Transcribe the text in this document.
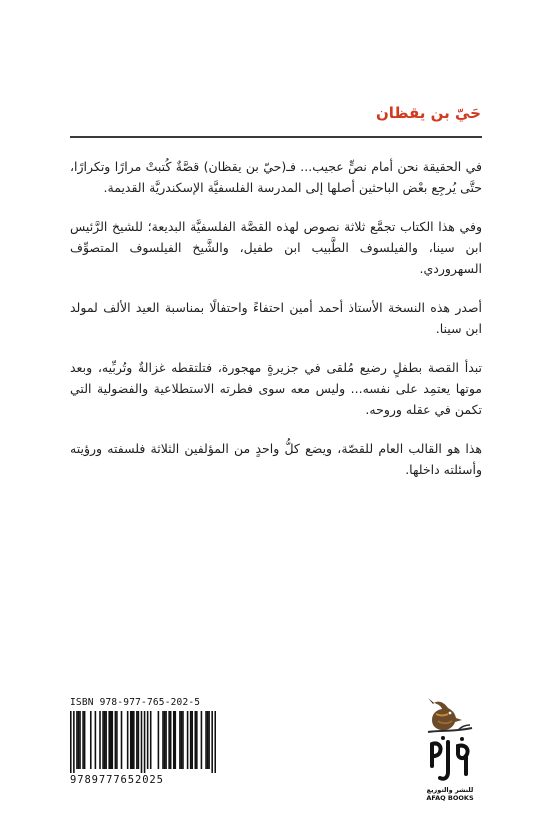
حَيّ بن يقظان

في الحقيقة نحن أمام نصٍّ عجيب... فـ(حيّ بن يقظان) قصَّةٌ كُتبتْ مرارًا وتكرارًا، حتَّى يُرجِع بعْض الباحثين أصلها إلى المدرسة الفلسفيَّة الإسكندريَّة القديمة.

وفي هذا الكتاب تجمَّع ثلاثة نصوص لهذه القصَّة الفلسفيَّة البديعة؛ للشيخ الرَّئيس ابن سينا، والفيلسوف الطَّبيب ابن طفيل، والشَّيخ الفيلسوف المتصوِّف السهروردي.

أصدر هذه النسخة الأستاذ أحمد أمين احتفاءً واحتفالًا بمناسبة العيد الألف لمولد ابن سينا.

تبدأ القصة بطفلٍ رضيع مُلقى في جزيرةٍ مهجورة، فتلتقطه غزالةٌ وتُربِّيه، وبعد موتها يعتمِد على نفسه... وليس معه سوى فطرته الاستطلاعية والفضولية التي تكمن في عقله وروحه.

هذا هو القالب العام للقصّة، ويضع كلُّ واحدٍ من المؤلفين الثلاثة فلسفته ورؤيته وأسئلته داخلها.

ISBN 978-977-765-202-5
9789777652025
للنشر والتوزيع
AFAQ BOOKS
